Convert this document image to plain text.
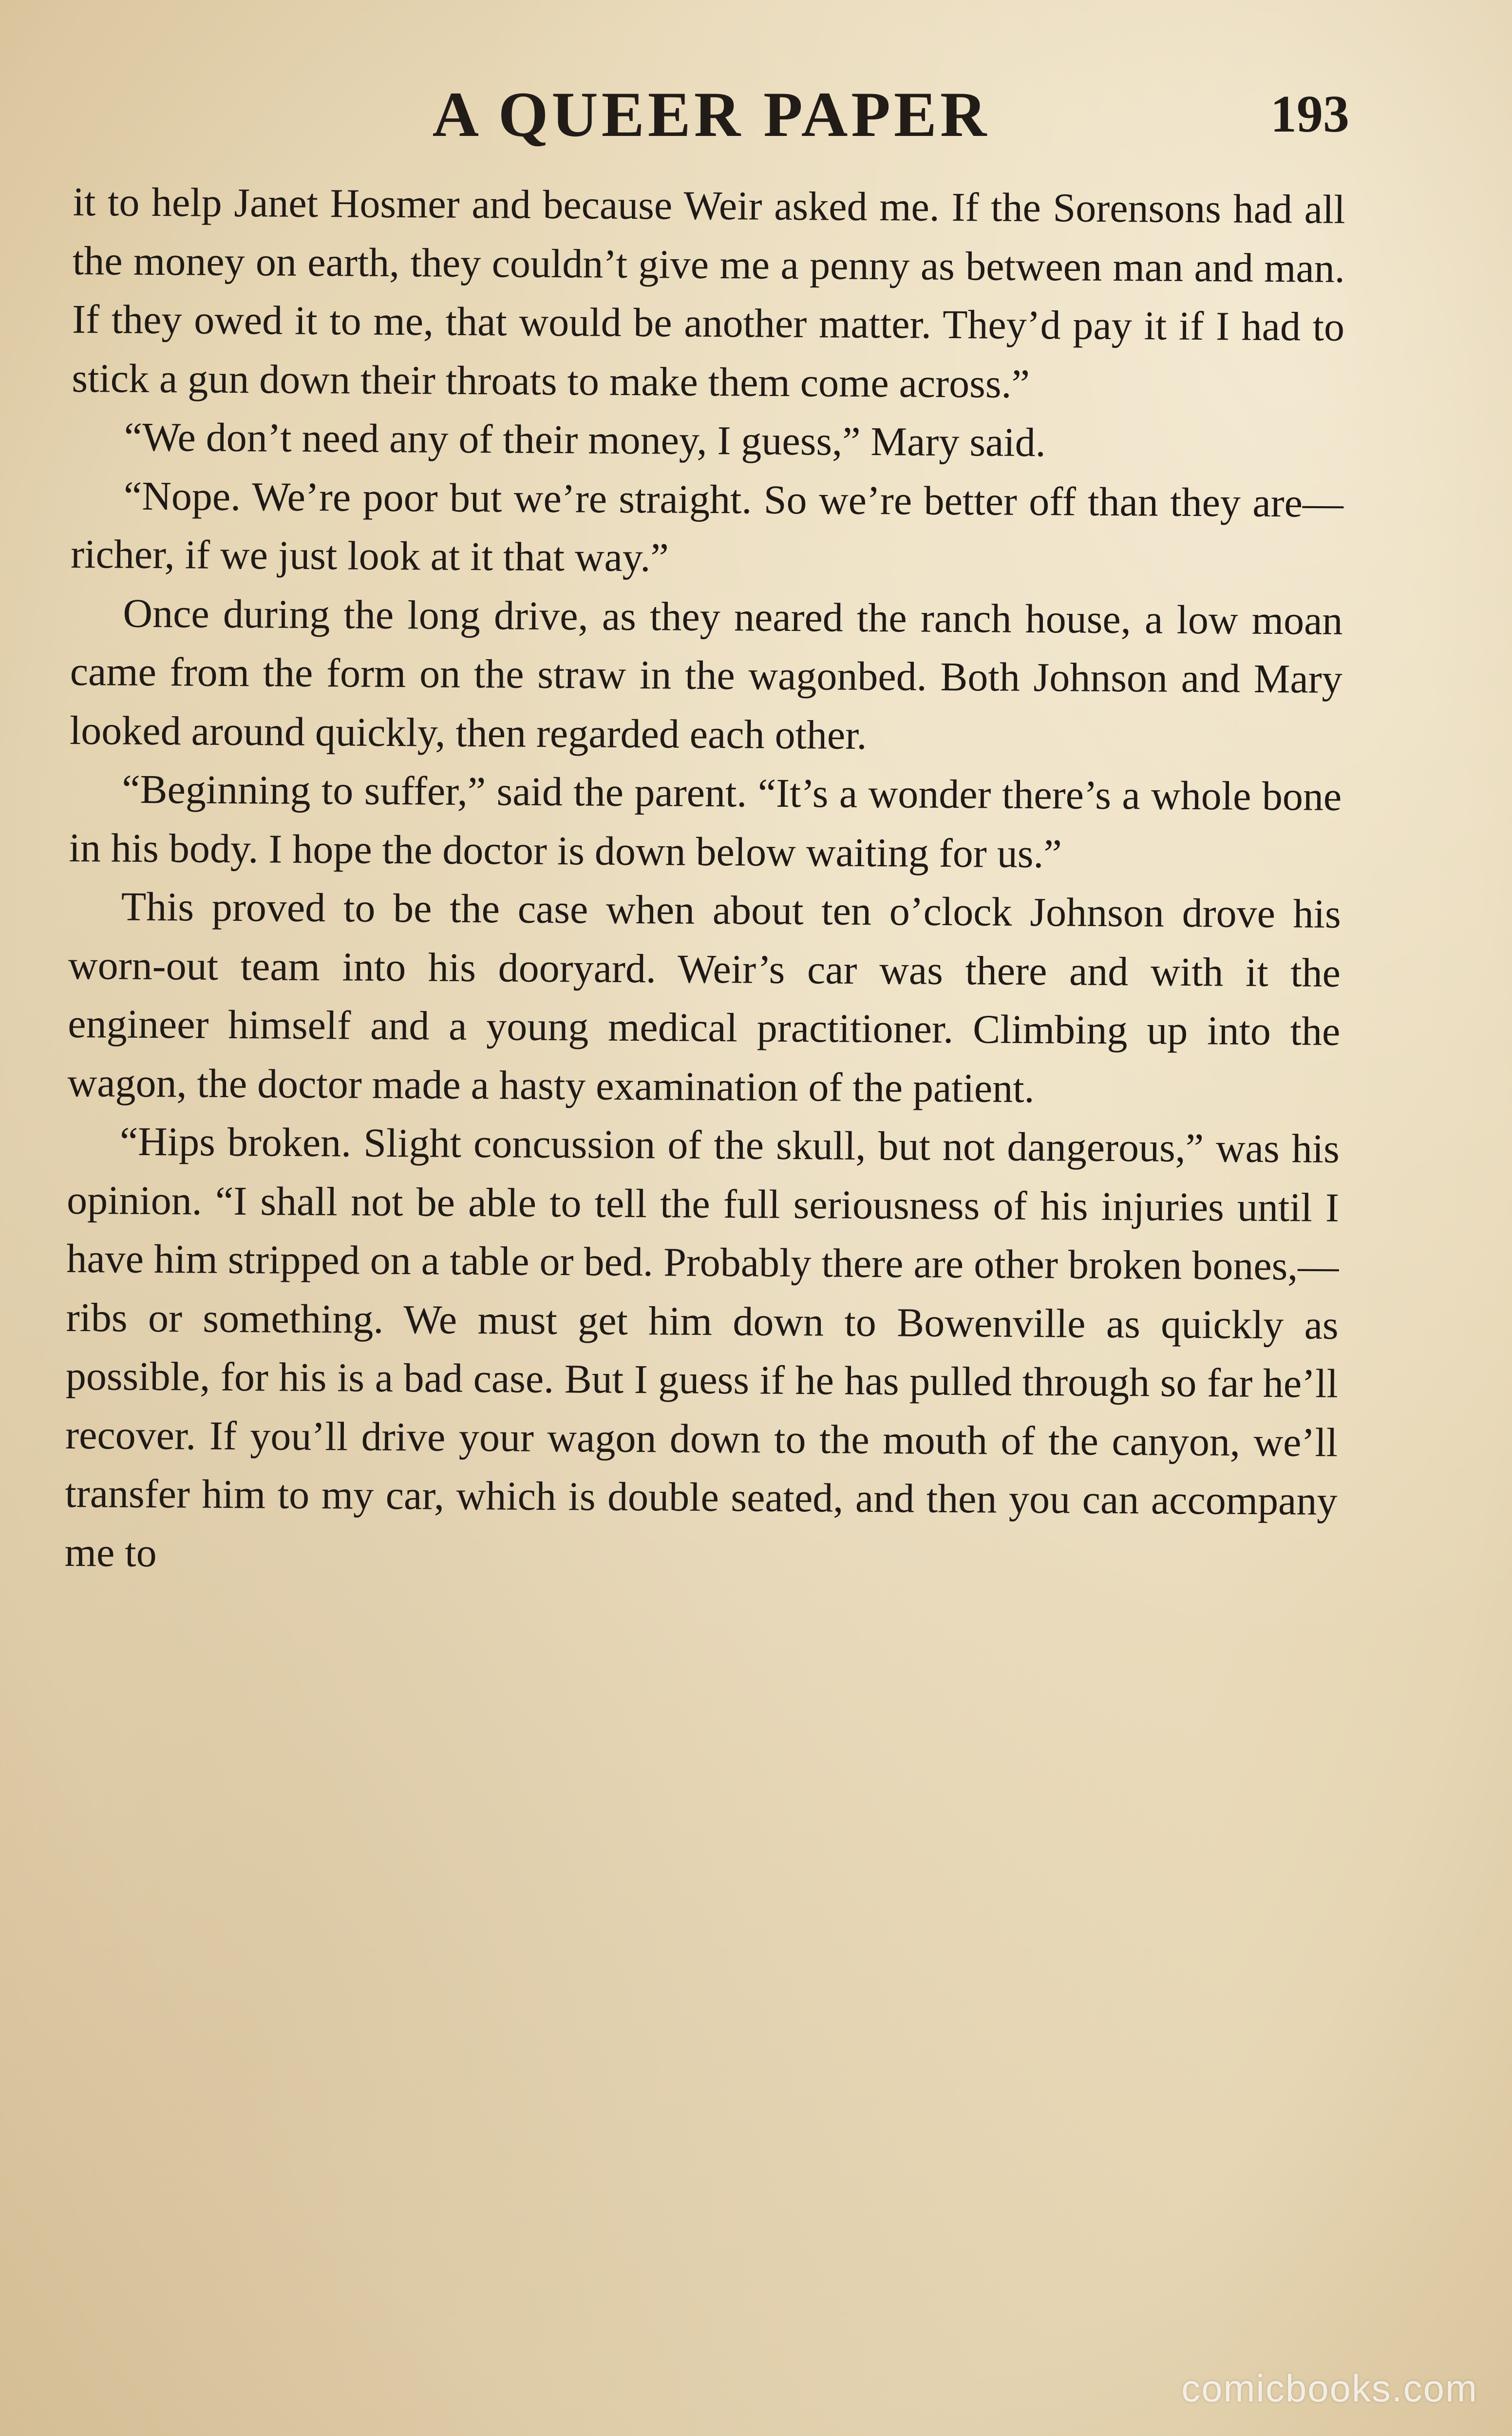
A QUEER PAPER	193

it to help Janet Hosmer and because Weir asked me. If the Sorensons had all the money on earth, they couldn’t give me a penny as between man and man. If they owed it to me, that would be another matter. They’d pay it if I had to stick a gun down their throats to make them come across.”

“We don’t need any of their money, I guess,” Mary said.

“Nope. We’re poor but we’re straight. So we’re better off than they are—richer, if we just look at it that way.”

Once during the long drive, as they neared the ranch house, a low moan came from the form on the straw in the wagonbed. Both Johnson and Mary looked around quickly, then regarded each other.

“Beginning to suffer,” said the parent. “It’s a wonder there’s a whole bone in his body. I hope the doctor is down below waiting for us.”

This proved to be the case when about ten o’clock Johnson drove his worn-out team into his dooryard. Weir’s car was there and with it the engineer himself and a young medical practitioner. Climbing up into the wagon, the doctor made a hasty examination of the patient.

“Hips broken. Slight concussion of the skull, but not dangerous,” was his opinion. “I shall not be able to tell the full seriousness of his injuries until I have him stripped on a table or bed. Probably there are other broken bones,—ribs or something. We must get him down to Bowenville as quickly as possible, for his is a bad case. But I guess if he has pulled through so far he’ll recover. If you’ll drive your wagon down to the mouth of the canyon, we’ll transfer him to my car, which is double seated, and then you can accompany me to

comicbooks.com
